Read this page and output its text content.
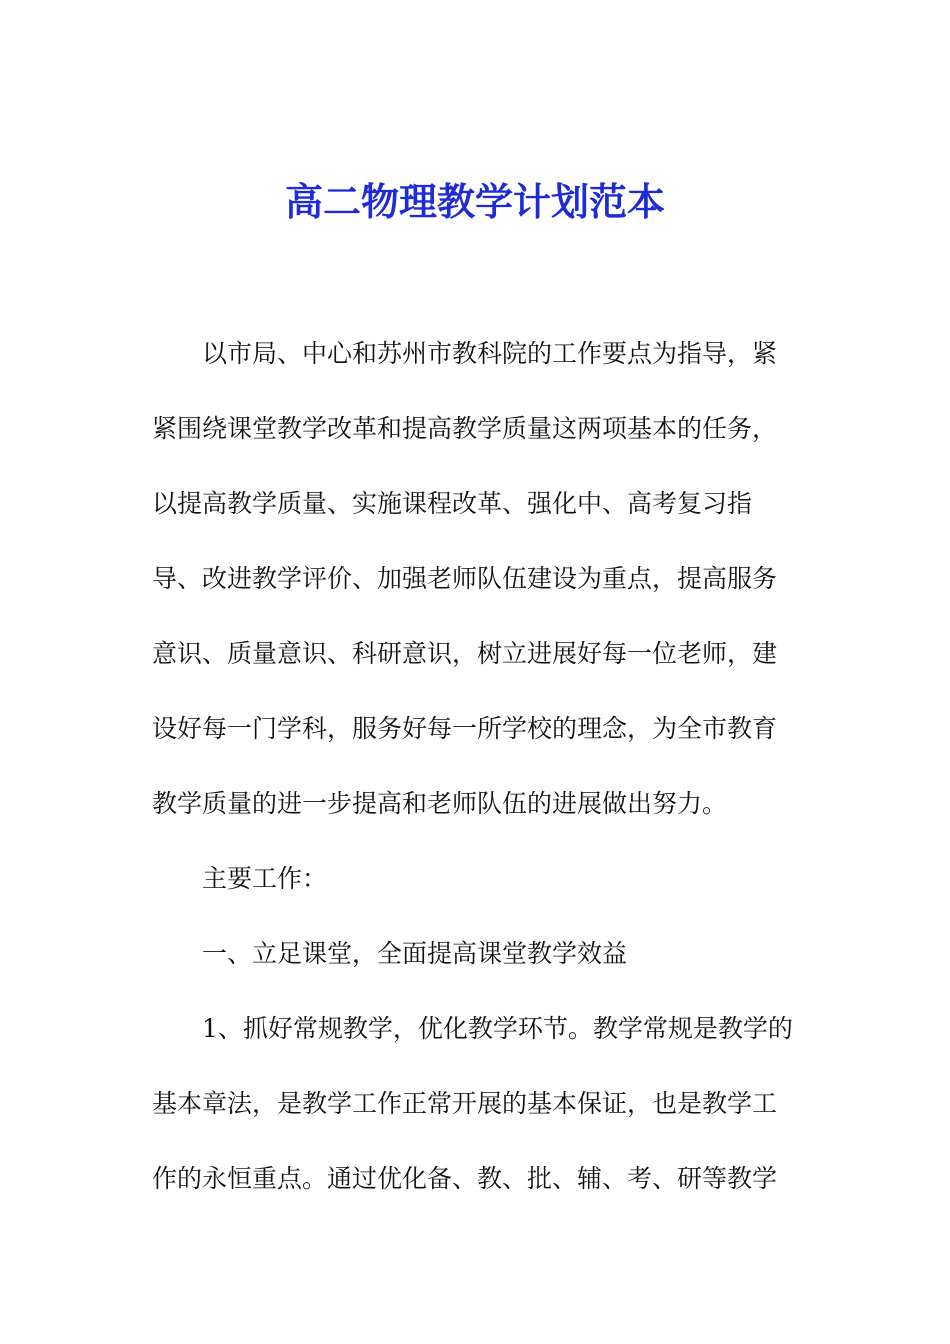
高二物理教学计划范本
以市局、中心和苏州市教科院的工作要点为指导，紧
紧围绕课堂教学改革和提高教学质量这两项基本的任务，
以提高教学质量、实施课程改革、强化中、高考复习指
导、改进教学评价、加强老师队伍建设为重点，提高服务
意识、质量意识、科研意识，树立进展好每一位老师，建
设好每一门学科，服务好每一所学校的理念，为全市教育
教学质量的进一步提高和老师队伍的进展做出努力。
主要工作：
一、立足课堂，全面提高课堂教学效益
1、抓好常规教学，优化教学环节。教学常规是教学的
基本章法，是教学工作正常开展的基本保证，也是教学工
作的永恒重点。通过优化备、教、批、辅、考、研等教学
